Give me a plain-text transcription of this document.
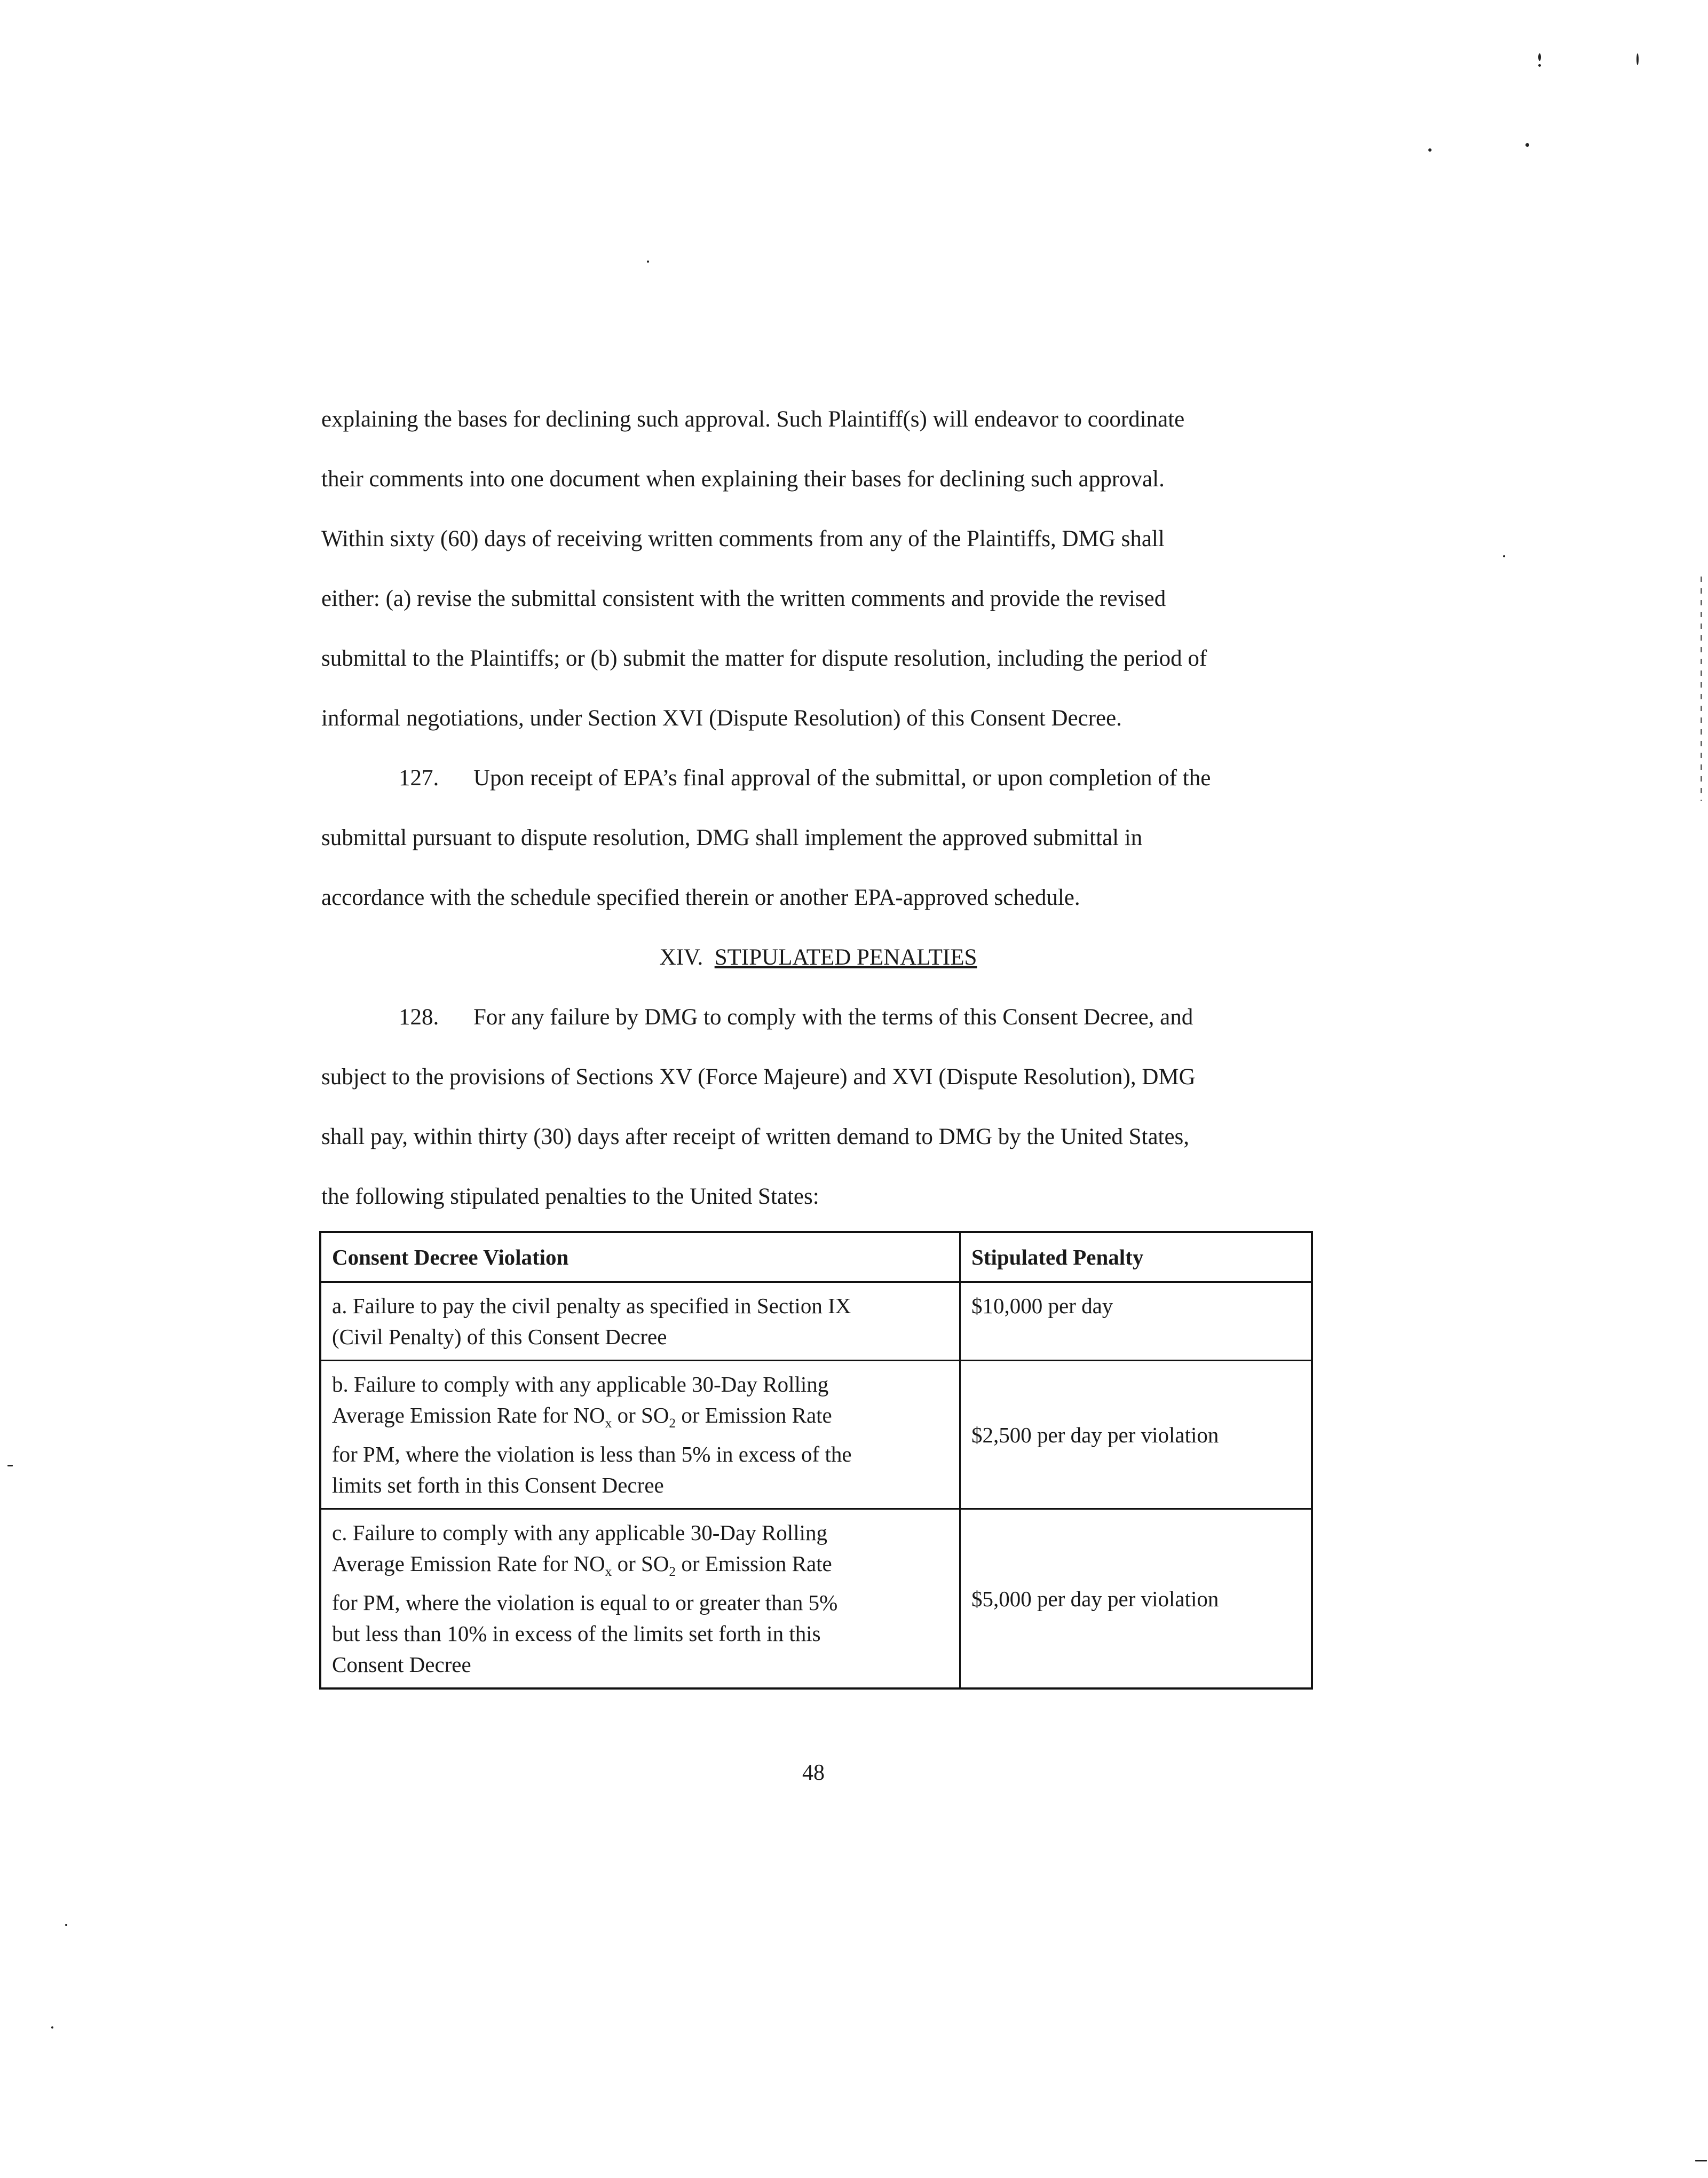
explaining the bases for declining such approval. Such Plaintiff(s) will endeavor to coordinate
their comments into one document when explaining their bases for declining such approval.
Within sixty (60) days of receiving written comments from any of the Plaintiffs, DMG shall
either: (a) revise the submittal consistent with the written comments and provide the revised
submittal to the Plaintiffs; or (b) submit the matter for dispute resolution, including the period of
informal negotiations, under Section XVI (Dispute Resolution) of this Consent Decree.
127. Upon receipt of EPA’s final approval of the submittal, or upon completion of the
submittal pursuant to dispute resolution, DMG shall implement the approved submittal in
accordance with the schedule specified therein or another EPA-approved schedule.
XIV. STIPULATED PENALTIES
128. For any failure by DMG to comply with the terms of this Consent Decree, and
subject to the provisions of Sections XV (Force Majeure) and XVI (Dispute Resolution), DMG
shall pay, within thirty (30) days after receipt of written demand to DMG by the United States,
the following stipulated penalties to the United States:
Consent Decree Violation	Stipulated Penalty

a. Failure to pay the civil penalty as specified in Section IX
(Civil Penalty) of this Consent Decree	$10,000 per day

b. Failure to comply with any applicable 30-Day Rolling
Average Emission Rate for $NO_x$ or $SO_2$ or Emission Rate
for PM, where the violation is less than 5% in excess of the
limits set forth in this Consent Decree	$2,500 per day per violation

c. Failure to comply with any applicable 30-Day Rolling
Average Emission Rate for $NO_x$ or $SO_2$ or Emission Rate
for PM, where the violation is equal to or greater than 5%
but less than 10% in excess of the limits set forth in this
Consent Decree	$5,000 per day per violation
48
